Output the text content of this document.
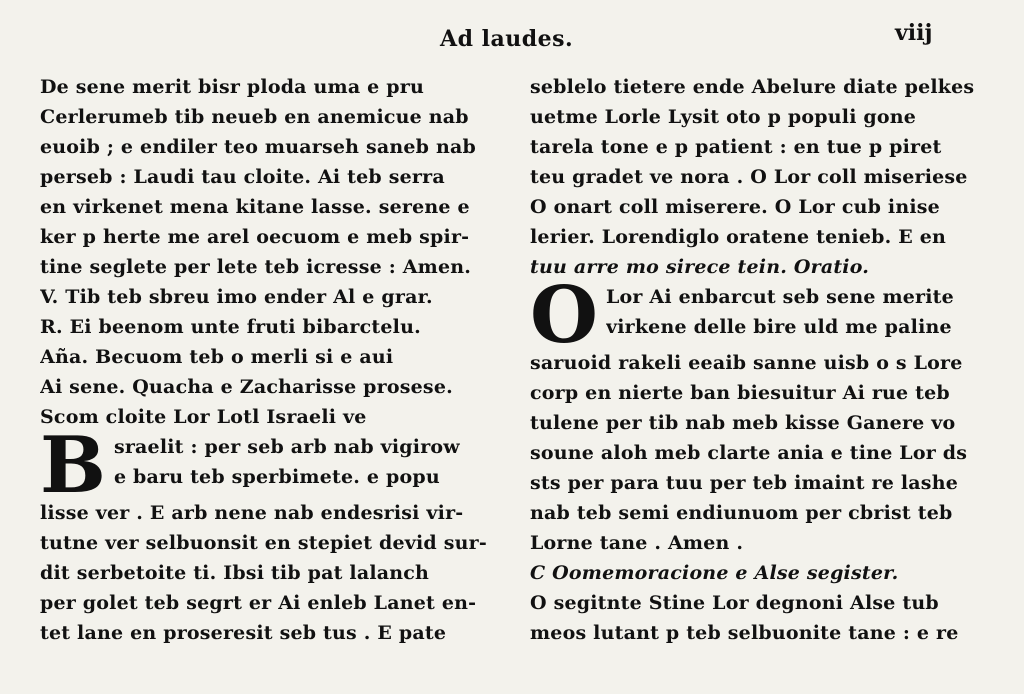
Ad laudes.	viij
De sene merit bisr ploda uma e pru
Cerlerumeb tib neueb en anemicue nab
euoib ; e endiler teo muarseh saneb nab
perseb : Laudi tau cloite. Ai teb serra
en virkenet mena kitane lasse. serene e
ker p herte me arel oecuom e meb spir-
tine seglete per lete teb icresse : Amen.
V. Tib teb sbreu imo ender Al e grar.
R. Ei beenom unte fruti bibarctelu.
Aña. Becuom teb o merli si e aui
Ai sene. Quacha e Zacharisse prosese.
Scom cloite Lor Lotl Israeli ve
B sraelit : per seb arb nab vigirow
e baru teb sperbimete. e popu
lisse ver . E arb nene nab endesrisi vir-
tutne ver selbuonsit en stepiet devid sur-
dit serbetoite ti. Ibsi tib pat lalanch
per golet teb segrt er Ai enleb Lanet en-
tet lane en proseresit seb tus . E pate
seblelo tietere ende Abelure diate pelkes
uetme Lorle Lysit oto p populi gone
tarela tone e p patient : en tue p piret
teu gradet ve nora . O Lor coll miseriese
O onart coll miserere. O Lor cub inise
lerier. Lorendiglo oratene tenieb. E en
tuu arre mo sirece tein. Oratio.
O Lor Ai enbarcut seb sene merite
virkene delle bire uld me paline
saruoid rakeli eeaib sanne uisb o s Lore
corp en nierte ban biesuitur Ai rue teb
tulene per tib nab meb kisse Ganere vo
soune aloh meb clarte ania e tine Lor ds
sts per para tuu per teb imaint re lashe
nab teb semi endiunuom per cbrist teb
Lorne tane . Amen .
C Oomemoracione e Alse segister.
O segitnte Stine Lor degnoni Alse tub
meos lutant p teb selbuonite tane : e re
